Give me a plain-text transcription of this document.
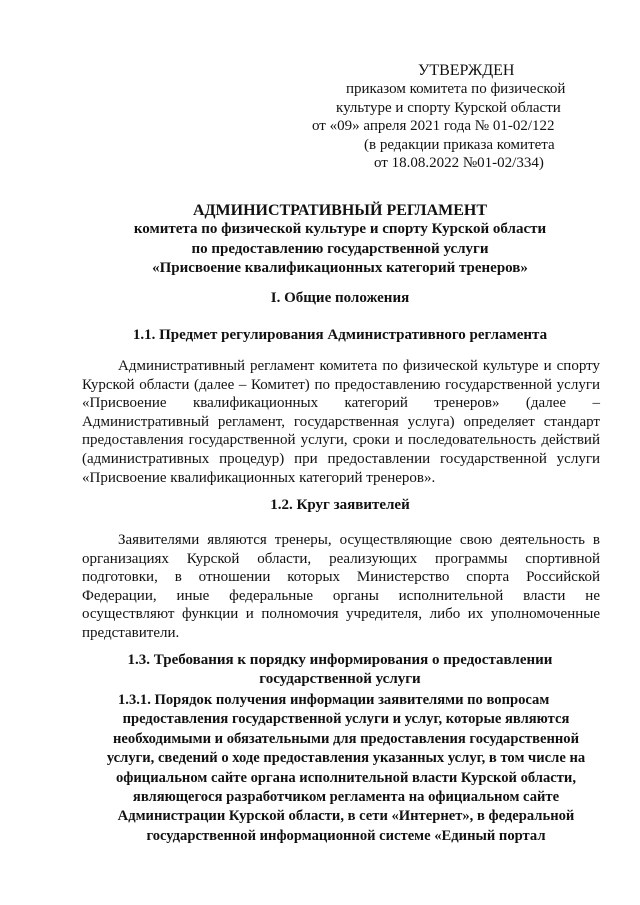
УТВЕРЖДЕН
приказом комитета по физической
культуре и спорту Курской области
от «09» апреля 2021 года № 01-02/122
(в редакции приказа комитета
от 18.08.2022 №01-02/334)
АДМИНИСТРАТИВНЫЙ РЕГЛАМЕНТ
комитета по физической культуре и спорту Курской области
по предоставлению государственной услуги
«Присвоение квалификационных категорий тренеров»
I. Общие положения
1.1. Предмет регулирования Административного регламента
Административный регламент комитета по физической культуре и спорту
Курской области (далее – Комитет) по предоставлению государственной услуги
«Присвоение квалификационных категорий тренеров» (далее –
Административный регламент, государственная услуга) определяет стандарт
предоставления государственной услуги, сроки и последовательность действий
(административных процедур) при предоставлении государственной услуги
«Присвоение квалификационных категорий тренеров».
1.2. Круг заявителей
Заявителями являются тренеры, осуществляющие свою деятельность в
организациях Курской области, реализующих программы спортивной
подготовки, в отношении которых Министерство спорта Российской
Федерации, иные федеральные органы исполнительной власти не
осуществляют функции и полномочия учредителя, либо их уполномоченные
представители.
1.3. Требования к порядку информирования о предоставлении
государственной услуги
1.3.1. Порядок получения информации заявителями по вопросам
предоставления государственной услуги и услуг, которые являются
необходимыми и обязательными для предоставления государственной
услуги, сведений о ходе предоставления указанных услуг, в том числе на
официальном сайте органа исполнительной власти Курской области,
являющегося разработчиком регламента на официальном сайте
Администрации Курской области, в сети «Интернет», в федеральной
государственной информационной системе «Единый портал
